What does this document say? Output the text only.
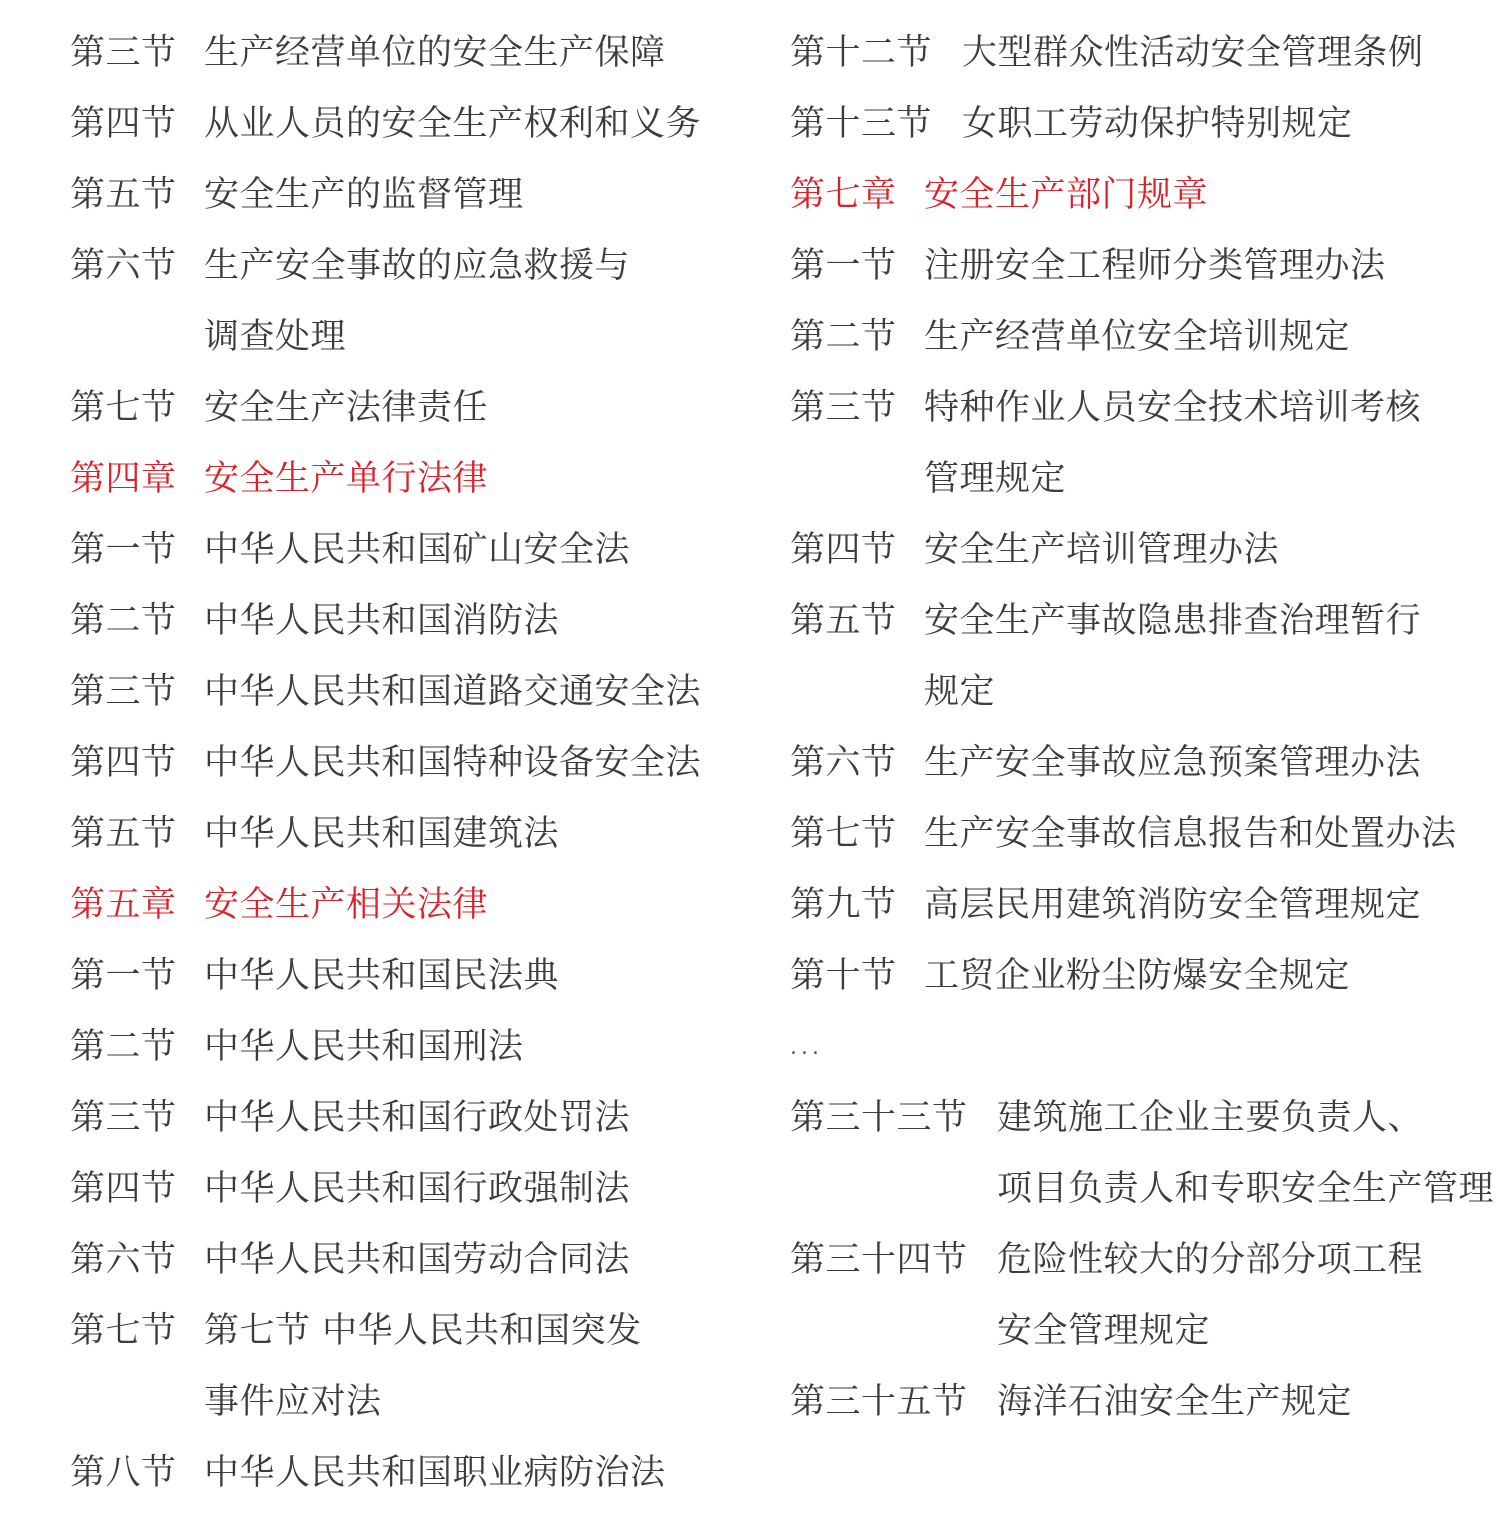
第三节 生产经营单位的安全生产保障
第四节 从业人员的安全生产权利和义务
第五节 安全生产的监督管理
第六节 生产安全事故的应急救援与
调查处理
第七节 安全生产法律责任
第四章 安全生产单行法律
第一节 中华人民共和国矿山安全法
第二节 中华人民共和国消防法
第三节 中华人民共和国道路交通安全法
第四节 中华人民共和国特种设备安全法
第五节 中华人民共和国建筑法
第五章 安全生产相关法律
第一节 中华人民共和国民法典
第二节 中华人民共和国刑法
第三节 中华人民共和国行政处罚法
第四节 中华人民共和国行政强制法
第六节 中华人民共和国劳动合同法
第七节 第七节 中华人民共和国突发
事件应对法
第八节 中华人民共和国职业病防治法
第十二节 大型群众性活动安全管理条例
第十三节 女职工劳动保护特别规定
第七章 安全生产部门规章
第一节 注册安全工程师分类管理办法
第二节 生产经营单位安全培训规定
第三节 特种作业人员安全技术培训考核
管理规定
第四节 安全生产培训管理办法
第五节 安全生产事故隐患排查治理暂行
规定
第六节 生产安全事故应急预案管理办法
第七节 生产安全事故信息报告和处置办法
第九节 高层民用建筑消防安全管理规定
第十节 工贸企业粉尘防爆安全规定
...
第三十三节 建筑施工企业主要负责人、
项目负责人和专职安全生产管理
第三十四节 危险性较大的分部分项工程
安全管理规定
第三十五节 海洋石油安全生产规定
